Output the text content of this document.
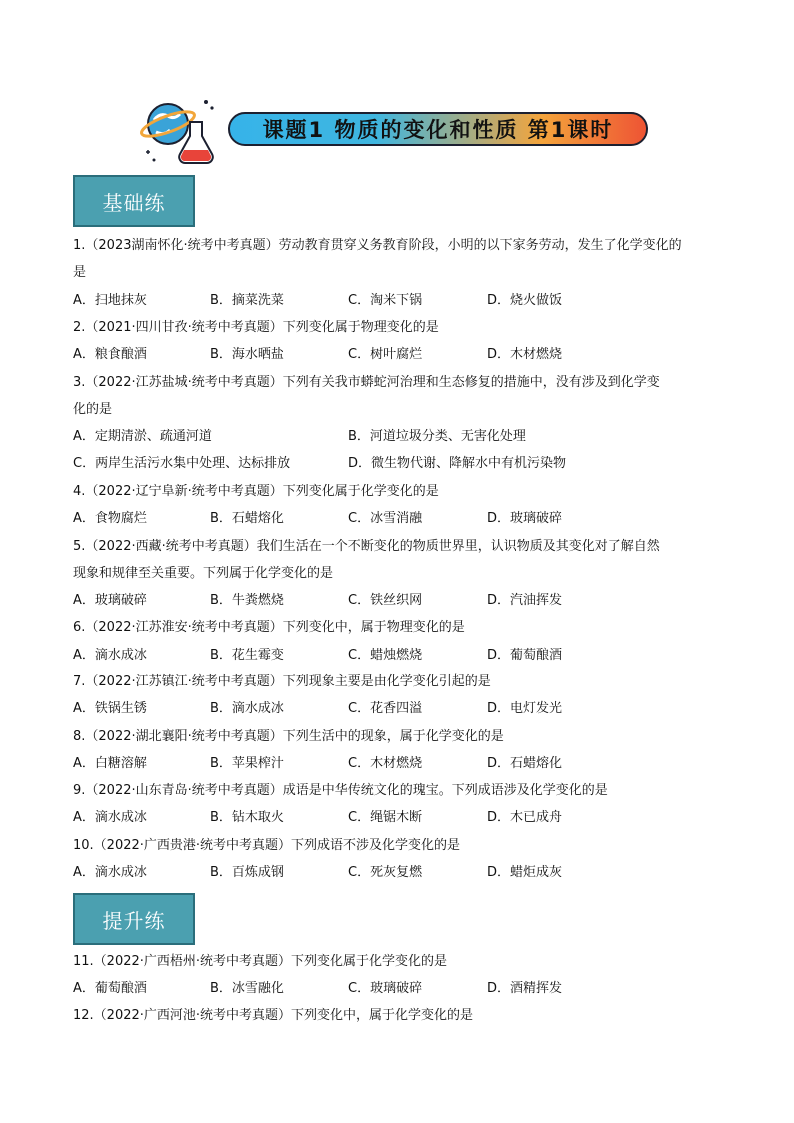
课题1 物质的变化和性质 第1课时
基础练
提升练
1.（2023湖南怀化·统考中考真题）劳动教育贯穿义务教育阶段，小明的以下家务劳动，发生了化学变化的
是
A．扫地抹灰	B．摘菜洗菜	C．淘米下锅	D．烧火做饭
2.（2021·四川甘孜·统考中考真题）下列变化属于物理变化的是
A．粮食酿酒	B．海水晒盐	C．树叶腐烂	D．木材燃烧
3.（2022·江苏盐城·统考中考真题）下列有关我市蟒蛇河治理和生态修复的措施中，没有涉及到化学变
化的是
A．定期清淤、疏通河道	B．河道垃圾分类、无害化处理
C．两岸生活污水集中处理、达标排放	D．微生物代谢、降解水中有机污染物
4.（2022·辽宁阜新·统考中考真题）下列变化属于化学变化的是
A．食物腐烂	B．石蜡熔化	C．冰雪消融	D．玻璃破碎
5.（2022·西藏·统考中考真题）我们生活在一个不断变化的物质世界里，认识物质及其变化对了解自然
现象和规律至关重要。下列属于化学变化的是
A．玻璃破碎	B．牛粪燃烧	C．铁丝织网	D．汽油挥发
6.（2022·江苏淮安·统考中考真题）下列变化中，属于物理变化的是
A．滴水成冰	B．花生霉变	C．蜡烛燃烧	D．葡萄酿酒
7.（2022·江苏镇江·统考中考真题）下列现象主要是由化学变化引起的是
A．铁锅生锈	B．滴水成冰	C．花香四溢	D．电灯发光
8.（2022·湖北襄阳·统考中考真题）下列生活中的现象，属于化学变化的是
A．白糖溶解	B．苹果榨汁	C．木材燃烧	D．石蜡熔化
9.（2022·山东青岛·统考中考真题）成语是中华传统文化的瑰宝。下列成语涉及化学变化的是
A．滴水成冰	B．钻木取火	C．绳锯木断	D．木已成舟
10.（2022·广西贵港·统考中考真题）下列成语不涉及化学变化的是
A．滴水成冰	B．百炼成钢	C．死灰复燃	D．蜡炬成灰
11.（2022·广西梧州·统考中考真题）下列变化属于化学变化的是
A．葡萄酿酒	B．冰雪融化	C．玻璃破碎	D．酒精挥发
12.（2022·广西河池·统考中考真题）下列变化中，属于化学变化的是
